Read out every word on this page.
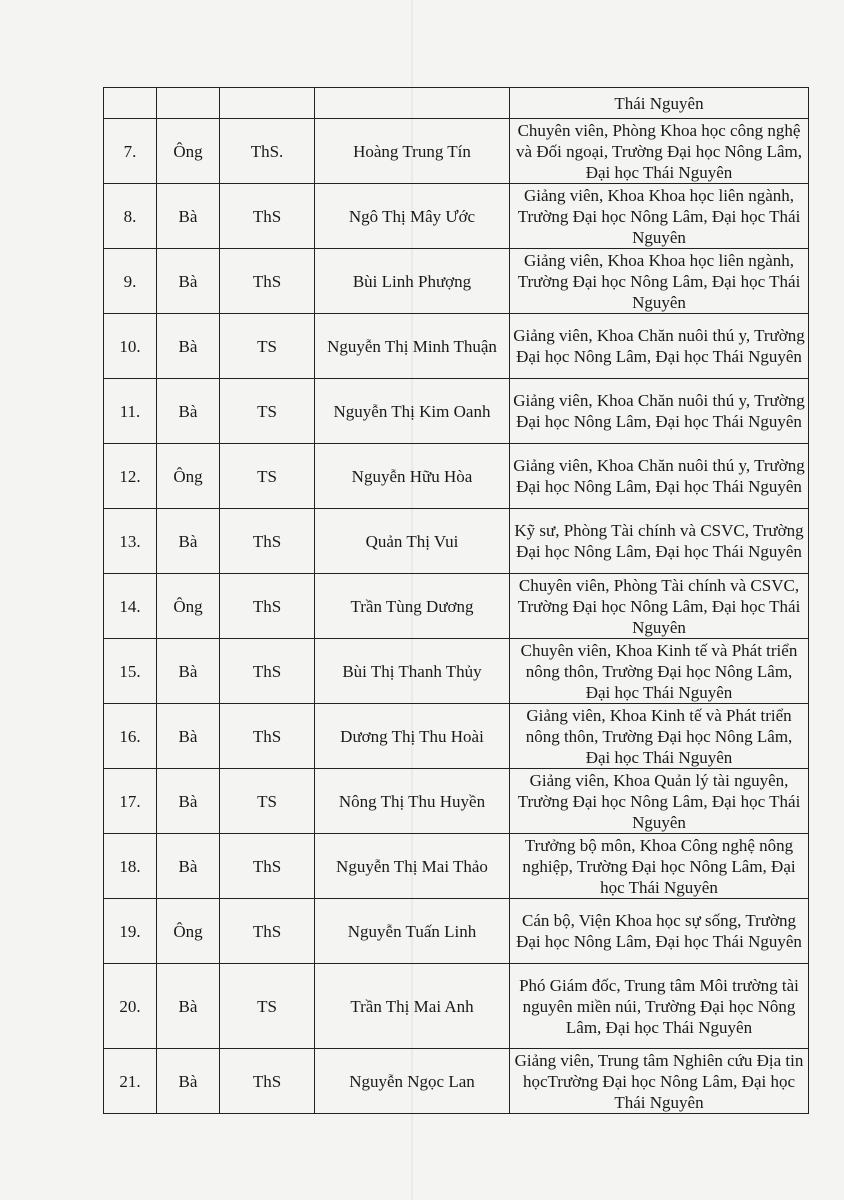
				Thái Nguyên
7.	Ông	ThS.	Hoàng Trung Tín	Chuyên viên, Phòng Khoa học công nghệ và Đối ngoại, Trường Đại học Nông Lâm, Đại học Thái Nguyên
8.	Bà	ThS	Ngô Thị Mây Ước	Giảng viên, Khoa Khoa học liên ngành, Trường Đại học Nông Lâm, Đại học Thái Nguyên
9.	Bà	ThS	Bùi Linh Phượng	Giảng viên, Khoa Khoa học liên ngành, Trường Đại học Nông Lâm, Đại học Thái Nguyên
10.	Bà	TS	Nguyễn Thị Minh Thuận	Giảng viên, Khoa Chăn nuôi thú y, Trường Đại học Nông Lâm, Đại học Thái Nguyên
11.	Bà	TS	Nguyễn Thị Kim Oanh	Giảng viên, Khoa Chăn nuôi thú y, Trường Đại học Nông Lâm, Đại học Thái Nguyên
12.	Ông	TS	Nguyễn Hữu Hòa	Giảng viên, Khoa Chăn nuôi thú y, Trường Đại học Nông Lâm, Đại học Thái Nguyên
13.	Bà	ThS	Quản Thị Vui	Kỹ sư, Phòng Tài chính và CSVC, Trường Đại học Nông Lâm, Đại học Thái Nguyên
14.	Ông	ThS	Trần Tùng Dương	Chuyên viên, Phòng Tài chính và CSVC, Trường Đại học Nông Lâm, Đại học Thái Nguyên
15.	Bà	ThS	Bùi Thị Thanh Thủy	Chuyên viên, Khoa Kinh tế và Phát triển nông thôn, Trường Đại học Nông Lâm, Đại học Thái Nguyên
16.	Bà	ThS	Dương Thị Thu Hoài	Giảng viên, Khoa Kinh tế và Phát triển nông thôn, Trường Đại học Nông Lâm, Đại học Thái Nguyên
17.	Bà	TS	Nông Thị Thu Huyền	Giảng viên, Khoa Quản lý tài nguyên, Trường Đại học Nông Lâm, Đại học Thái Nguyên
18.	Bà	ThS	Nguyễn Thị Mai Thảo	Trưởng bộ môn, Khoa Công nghệ nông nghiệp, Trường Đại học Nông Lâm, Đại học Thái Nguyên
19.	Ông	ThS	Nguyễn Tuấn Linh	Cán bộ, Viện Khoa học sự sống, Trường Đại học Nông Lâm, Đại học Thái Nguyên
20.	Bà	TS	Trần Thị Mai Anh	Phó Giám đốc, Trung tâm Môi trường tài nguyên miền núi, Trường Đại học Nông Lâm, Đại học Thái Nguyên
21.	Bà	ThS	Nguyễn Ngọc Lan	Giảng viên, Trung tâm Nghiên cứu Địa tin họcTrường Đại học Nông Lâm, Đại học Thái Nguyên
